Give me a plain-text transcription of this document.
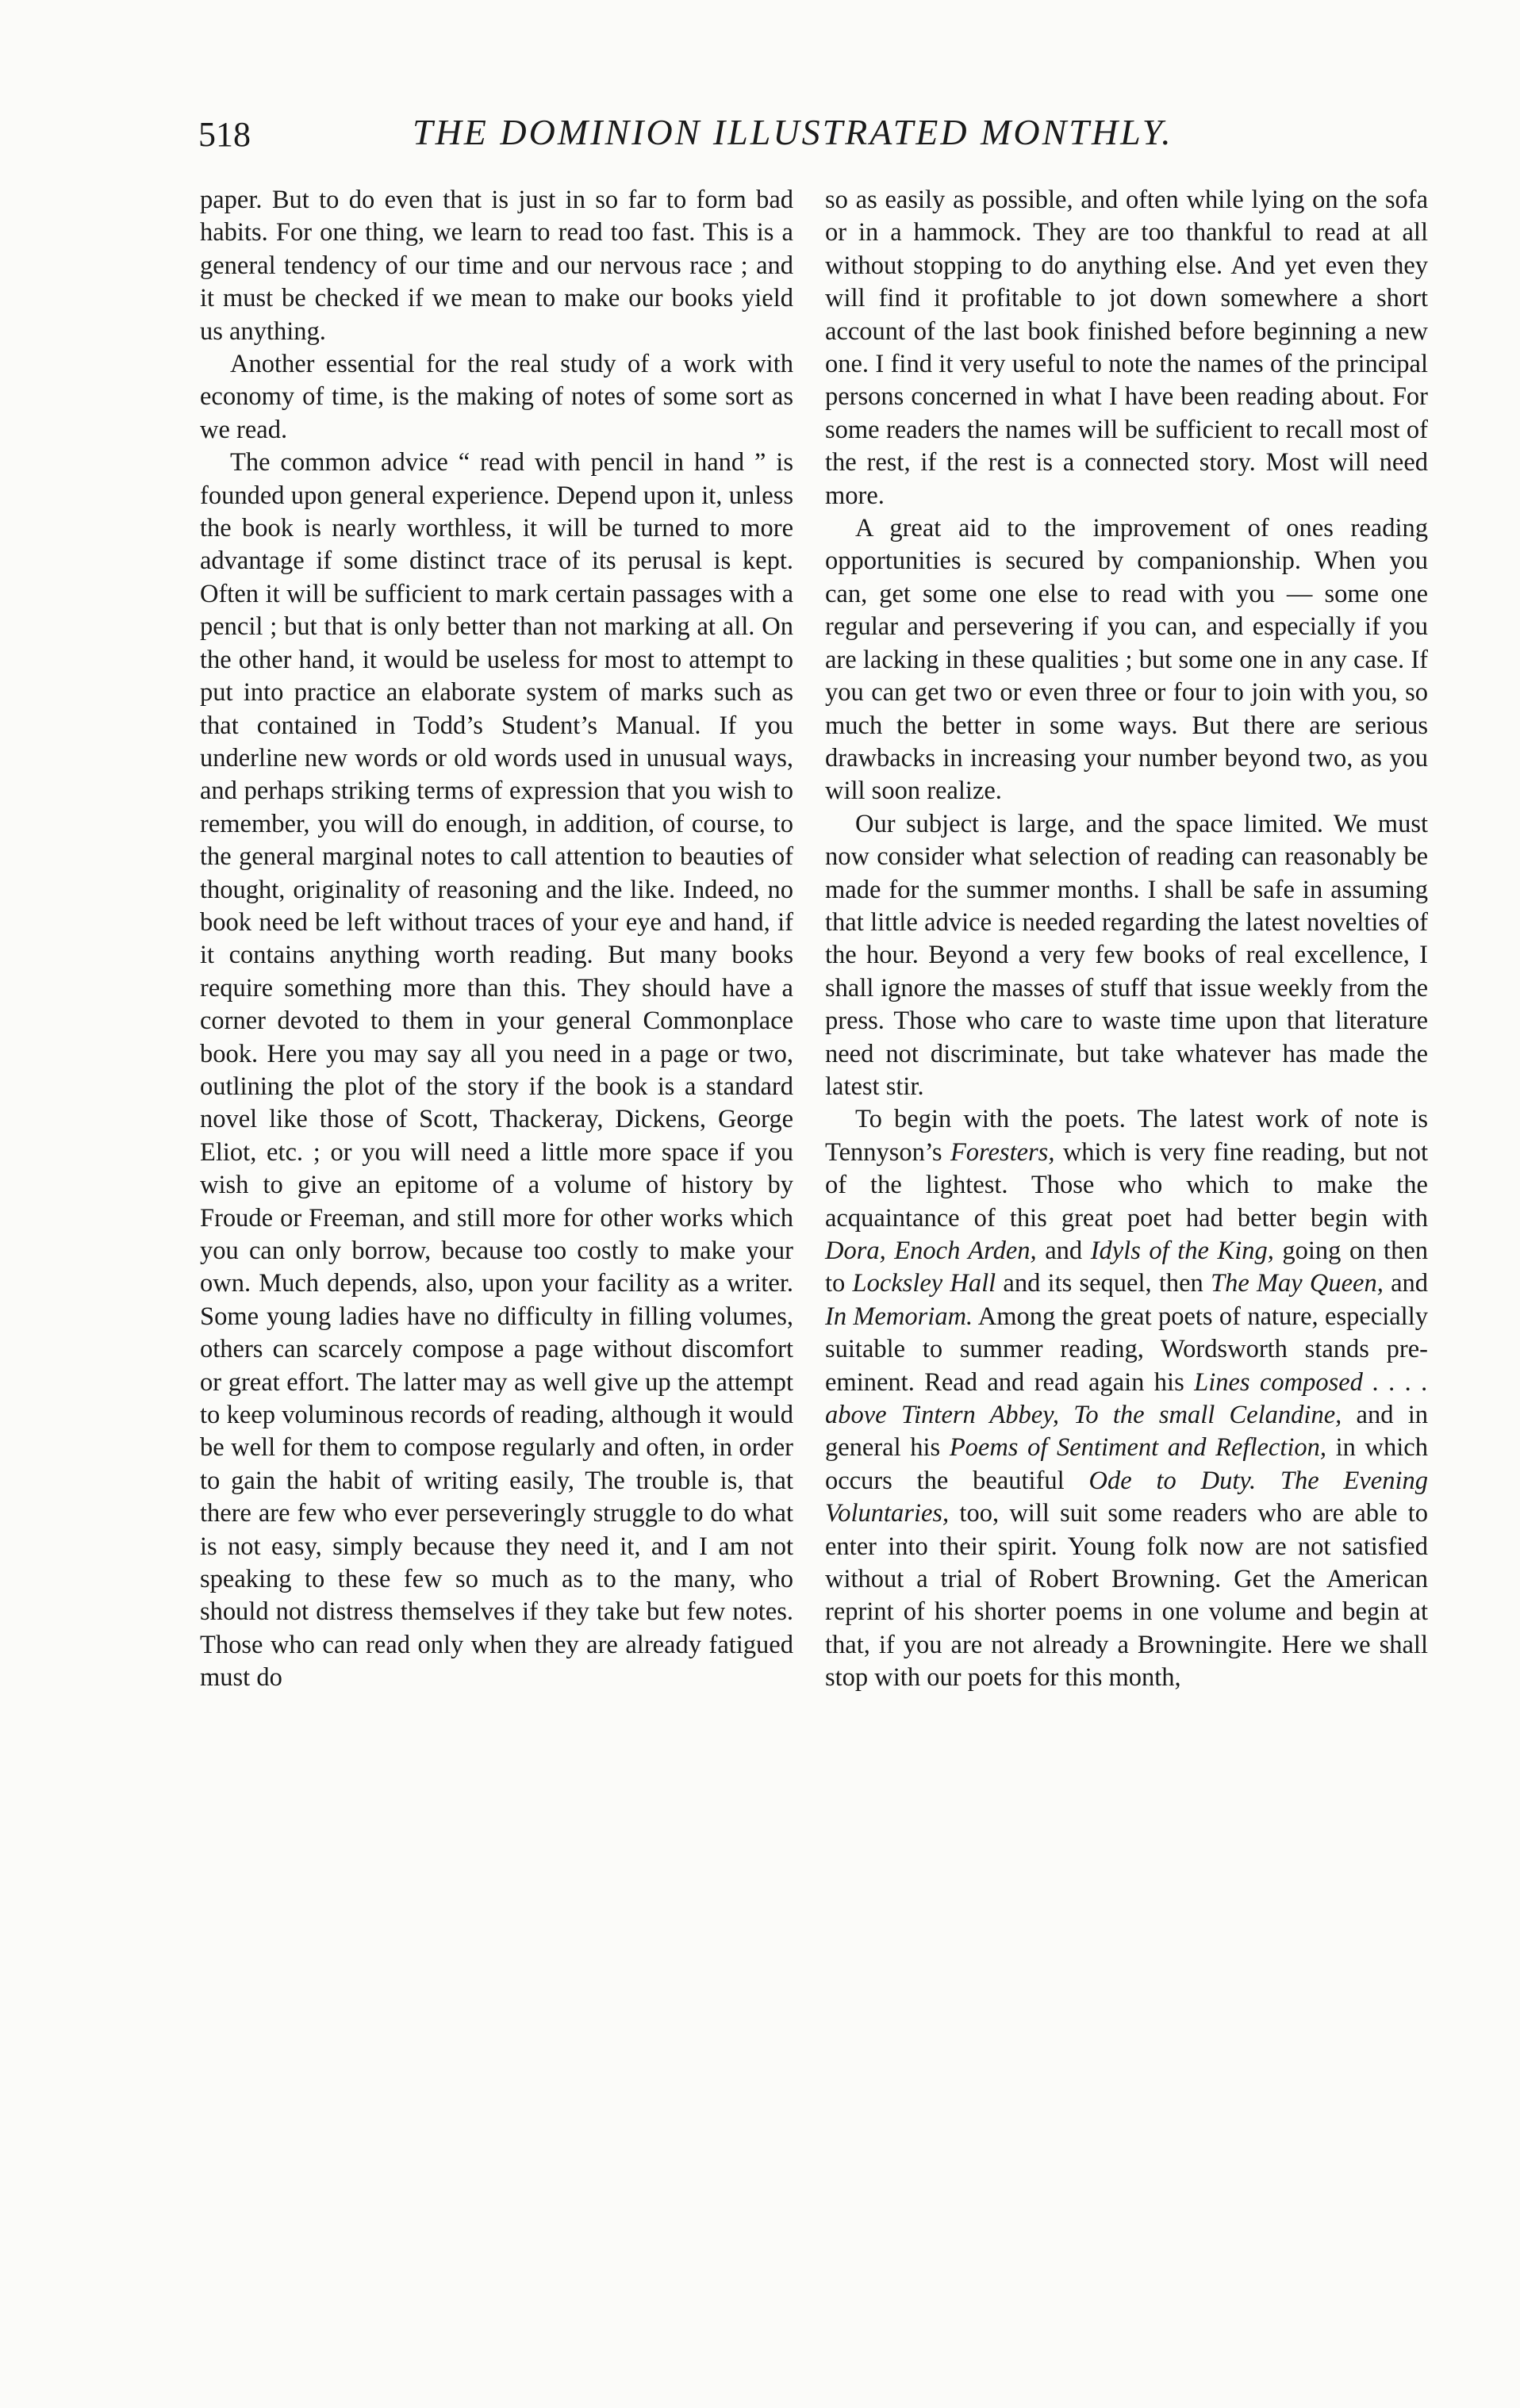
518	THE DOMINION ILLUSTRATED MONTHLY.

paper. But to do even that is just in so far to form bad habits. For one thing, we learn to read too fast. This is a general tendency of our time and our nervous race ; and it must be checked if we mean to make our books yield us anything.

Another essential for the real study of a work with economy of time, is the making of notes of some sort as we read.

The common advice “ read with pencil in hand ” is founded upon general experience. Depend upon it, unless the book is nearly worthless, it will be turned to more advantage if some distinct trace of its perusal is kept. Often it will be sufficient to mark certain passages with a pencil ; but that is only better than not marking at all. On the other hand, it would be useless for most to attempt to put into practice an elaborate system of marks such as that contained in Todd’s Student’s Manual. If you underline new words or old words used in unusual ways, and perhaps striking terms of expression that you wish to remember, you will do enough, in addition, of course, to the general marginal notes to call attention to beauties of thought, originality of reasoning and the like. Indeed, no book need be left without traces of your eye and hand, if it contains anything worth reading. But many books require something more than this. They should have a corner devoted to them in your general Commonplace book. Here you may say all you need in a page or two, outlining the plot of the story if the book is a standard novel like those of Scott, Thackeray, Dickens, George Eliot, etc. ; or you will need a little more space if you wish to give an epitome of a volume of history by Froude or Freeman, and still more for other works which you can only borrow, because too costly to make your own. Much depends, also, upon your facility as a writer. Some young ladies have no difficulty in filling volumes, others can scarcely compose a page without discomfort or great effort. The latter may as well give up the attempt to keep voluminous records of reading, although it would be well for them to compose regularly and often, in order to gain the habit of writing easily, The trouble is, that there are few who ever perseveringly struggle to do what is not easy, simply because they need it, and I am not speaking to these few so much as to the many, who should not distress themselves if they take but few notes. Those who can read only when they are already fatigued must do

so as easily as possible, and often while lying on the sofa or in a hammock. They are too thankful to read at all without stopping to do anything else. And yet even they will find it profitable to jot down somewhere a short account of the last book finished before beginning a new one. I find it very useful to note the names of the principal persons concerned in what I have been reading about. For some readers the names will be sufficient to recall most of the rest, if the rest is a connected story. Most will need more.

A great aid to the improvement of ones reading opportunities is secured by companionship. When you can, get some one else to read with you — some one regular and persevering if you can, and especially if you are lacking in these qualities ; but some one in any case. If you can get two or even three or four to join with you, so much the better in some ways. But there are serious drawbacks in increasing your number beyond two, as you will soon realize.

Our subject is large, and the space limited. We must now consider what selection of reading can reasonably be made for the summer months. I shall be safe in assuming that little advice is needed regarding the latest novelties of the hour. Beyond a very few books of real excellence, I shall ignore the masses of stuff that issue weekly from the press. Those who care to waste time upon that literature need not discriminate, but take whatever has made the latest stir.

To begin with the poets. The latest work of note is Tennyson’s Foresters, which is very fine reading, but not of the lightest. Those who which to make the acquaintance of this great poet had better begin with Dora, Enoch Arden, and Idyls of the King, going on then to Locksley Hall and its sequel, then The May Queen, and In Memoriam. Among the great poets of nature, especially suitable to summer reading, Wordsworth stands pre-eminent. Read and read again his Lines composed . . . . above Tintern Abbey, To the small Celandine, and in general his Poems of Sentiment and Reflection, in which occurs the beautiful Ode to Duty. The Evening Voluntaries, too, will suit some readers who are able to enter into their spirit. Young folk now are not satisfied without a trial of Robert Browning. Get the American reprint of his shorter poems in one volume and begin at that, if you are not already a Browningite. Here we shall stop with our poets for this month,
